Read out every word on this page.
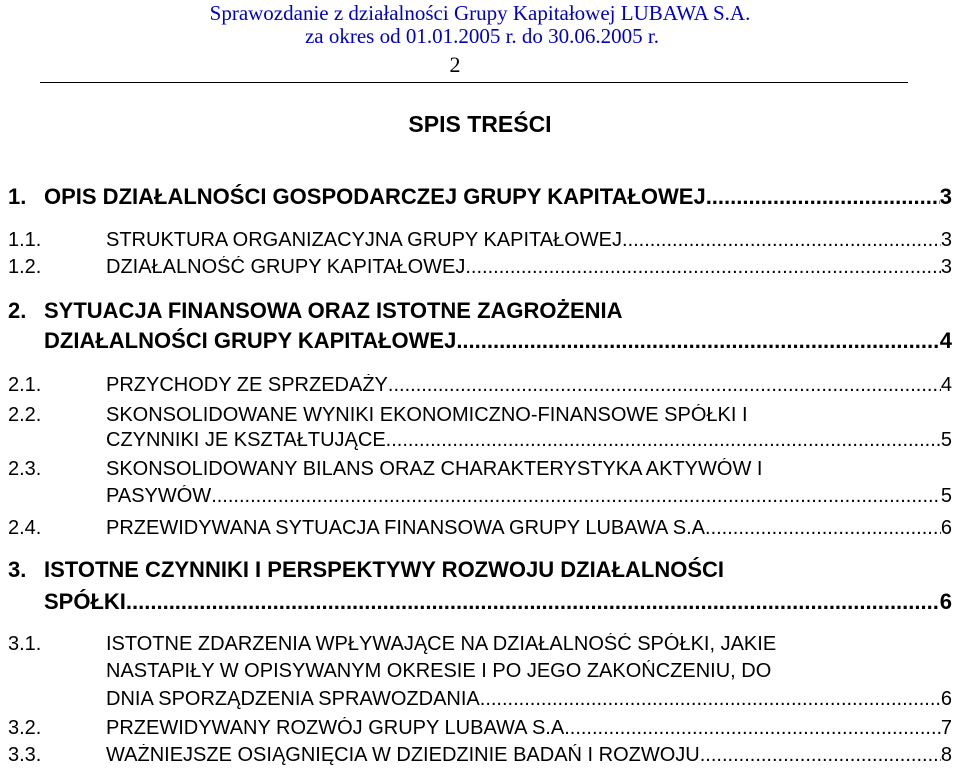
Sprawozdanie z działalności Grupy Kapitałowej LUBAWA S.A.
za okres od 01.01.2005 r. do 30.06.2005 r.
2
SPIS TREŚCI
1. OPIS DZIAŁALNOŚCI GOSPODARCZEJ GRUPY KAPITAŁOWEJ .....	3
1.1.	STRUKTURA ORGANIZACYJNA GRUPY KAPITAŁOWEJ .....	3
1.2.	DZIAŁALNOŚĆ GRUPY KAPITAŁOWEJ .....	3
2. SYTUACJA FINANSOWA ORAZ ISTOTNE ZAGROŻENIA
DZIAŁALNOŚCI GRUPY KAPITAŁOWEJ .....	4
2.1.	PRZYCHODY ZE SPRZEDAŻY .....	4
2.2.	SKONSOLIDOWANE WYNIKI EKONOMICZNO-FINANSOWE SPÓŁKI I
CZYNNIKI JE KSZTAŁTUJĄCE .....	5
2.3.	SKONSOLIDOWANY BILANS ORAZ CHARAKTERYSTYKA AKTYWÓW I
PASYWÓW .....	5
2.4.	PRZEWIDYWANA SYTUACJA FINANSOWA GRUPY LUBAWA S.A. .....	6
3. ISTOTNE CZYNNIKI I PERSPEKTYWY ROZWOJU DZIAŁALNOŚCI
SPÓŁKI .....	6
3.1.	ISTOTNE ZDARZENIA WPŁYWAJĄCE NA DZIAŁALNOŚĆ SPÓŁKI, JAKIE
NASTAPIŁY W OPISYWANYM OKRESIE I PO JEGO ZAKOŃCZENIU, DO
DNIA SPORZĄDZENIA SPRAWOZDANIA .....	6
3.2.	PRZEWIDYWANY ROZWÓJ GRUPY LUBAWA S.A. .....	7
3.3.	WAŻNIEJSZE OSIĄGNIĘCIA W DZIEDZINIE BADAŃ I ROZWOJU .....	8
